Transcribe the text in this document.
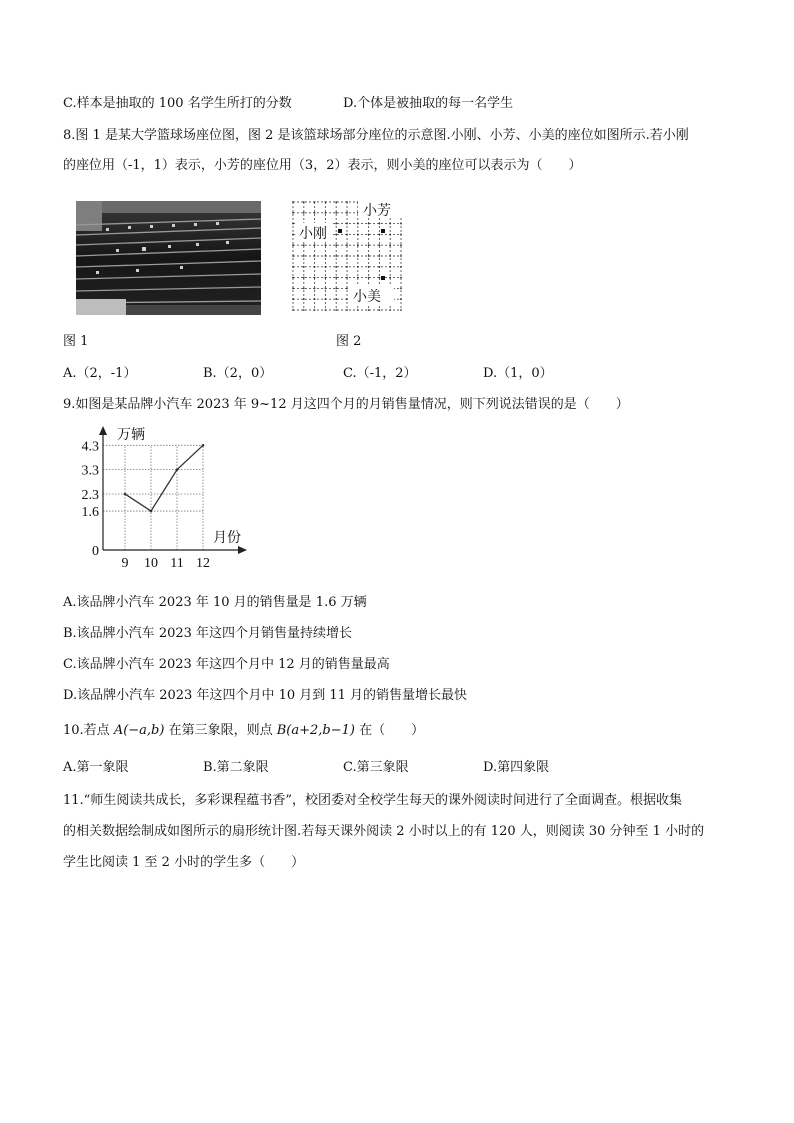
C.样本是抽取的 100 名学生所打的分数	D.个体是被抽取的每一名学生
8.图 1 是某大学篮球场座位图，图 2 是该篮球场部分座位的示意图.小刚、小芳、小美的座位如图所示.若小刚
的座位用（-1，1）表示，小芳的座位用（3，2）表示，则小美的座位可以表示为（　　）
小芳
小刚
小美
图 1	图 2
A.（2，-1）	B.（2，0）	C.（-1，2）	D.（1，0）
9.如图是某品牌小汽车 2023 年 9~12 月这四个月的月销售量情况，则下列说法错误的是（　　）
0
1.6
2.3
3.3
4.3
9 10 11 12
万辆
月份
A.该品牌小汽车 2023 年 10 月的销售量是 1.6 万辆
B.该品牌小汽车 2023 年这四个月销售量持续增长
C.该品牌小汽车 2023 年这四个月中 12 月的销售量最高
D.该品牌小汽车 2023 年这四个月中 10 月到 11 月的销售量增长最快
10.若点 A(−a,b) 在第三象限，则点 B(a+2,b−1) 在（　　）
A.第一象限	B.第二象限	C.第三象限	D.第四象限
11.“师生阅读共成长，多彩课程蕴书香”，校团委对全校学生每天的课外阅读时间进行了全面调查。根据收集
的相关数据绘制成如图所示的扇形统计图.若每天课外阅读 2 小时以上的有 120 人，则阅读 30 分钟至 1 小时的
学生比阅读 1 至 2 小时的学生多（　　）
